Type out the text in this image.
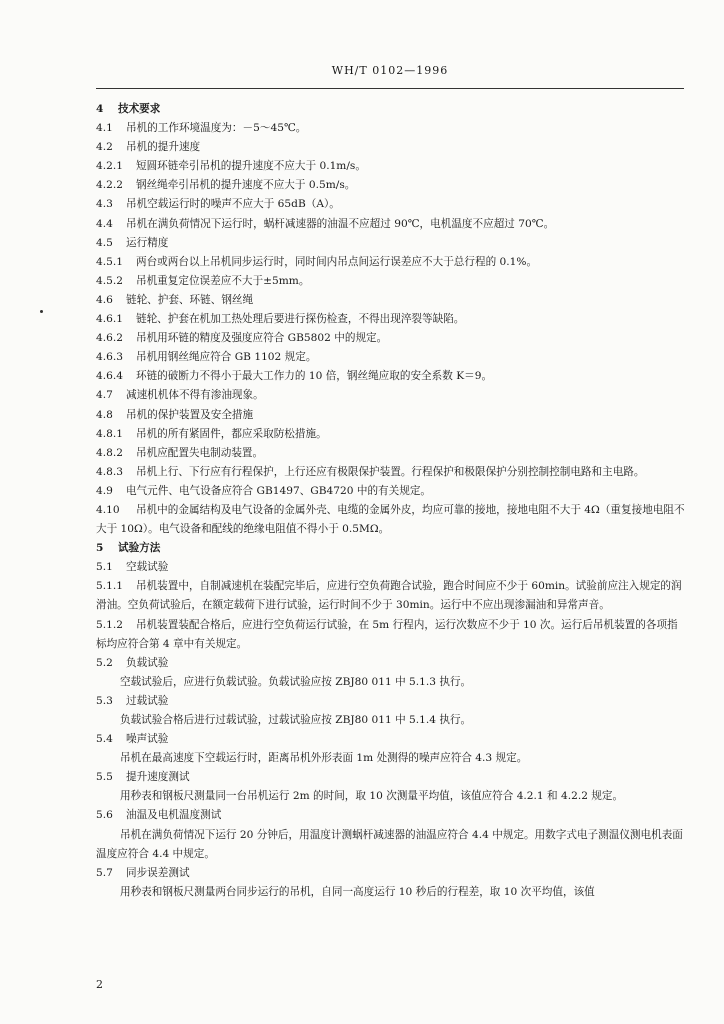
WH/T 0102—1996
4 技术要求
4.1 吊机的工作环境温度为：－5～45℃。
4.2 吊机的提升速度
4.2.1 短圆环链牵引吊机的提升速度不应大于 0.1m/s。
4.2.2 钢丝绳牵引吊机的提升速度不应大于 0.5m/s。
4.3 吊机空载运行时的噪声不应大于 65dB（A）。
4.4 吊机在满负荷情况下运行时，蜗杆减速器的油温不应超过 90℃，电机温度不应超过 70℃。
4.5 运行精度
4.5.1 两台或两台以上吊机同步运行时，同时间内吊点间运行误差应不大于总行程的 0.1%。
4.5.2 吊机重复定位误差应不大于±5mm。
4.6 链轮、护套、环链、钢丝绳
4.6.1 链轮、护套在机加工热处理后要进行探伤检查，不得出现淬裂等缺陷。
4.6.2 吊机用环链的精度及强度应符合 GB5802 中的规定。
4.6.3 吊机用钢丝绳应符合 GB 1102 规定。
4.6.4 环链的破断力不得小于最大工作力的 10 倍，钢丝绳应取的安全系数 K＝9。
4.7 减速机机体不得有渗油现象。
4.8 吊机的保护装置及安全措施
4.8.1 吊机的所有紧固件，都应采取防松措施。
4.8.2 吊机应配置失电制动装置。
4.8.3 吊机上行、下行应有行程保护，上行还应有极限保护装置。行程保护和极限保护分别控制控制电路和主电路。
4.9 电气元件、电气设备应符合 GB1497、GB4720 中的有关规定。
4.10 吊机中的金属结构及电气设备的金属外壳、电缆的金属外皮，均应可靠的接地，接地电阻不大于 4Ω（重复接地电阻不大于 10Ω）。电气设备和配线的绝缘电阻值不得小于 0.5MΩ。
5 试验方法
5.1 空载试验
5.1.1 吊机装置中，自制减速机在装配完毕后，应进行空负荷跑合试验，跑合时间应不少于 60min。试验前应注入规定的润滑油。空负荷试验后，在额定载荷下进行试验，运行时间不少于 30min。运行中不应出现渗漏油和异常声音。
5.1.2 吊机装置装配合格后，应进行空负荷运行试验，在 5m 行程内，运行次数应不少于 10 次。运行后吊机装置的各项指标均应符合第 4 章中有关规定。
5.2 负载试验
空载试验后，应进行负载试验。负载试验应按 ZBJ80 011 中 5.1.3 执行。
5.3 过载试验
负载试验合格后进行过载试验，过载试验应按 ZBJ80 011 中 5.1.4 执行。
5.4 噪声试验
吊机在最高速度下空载运行时，距离吊机外形表面 1m 处测得的噪声应符合 4.3 规定。
5.5 提升速度测试
用秒表和钢板尺测量同一台吊机运行 2m 的时间，取 10 次测量平均值，该值应符合 4.2.1 和 4.2.2 规定。
5.6 油温及电机温度测试
吊机在满负荷情况下运行 20 分钟后，用温度计测蜗杆减速器的油温应符合 4.4 中规定。用数字式电子测温仪测电机表面温度应符合 4.4 中规定。
5.7 同步误差测试
用秒表和钢板尺测量两台同步运行的吊机，自同一高度运行 10 秒后的行程差，取 10 次平均值，该值
2
